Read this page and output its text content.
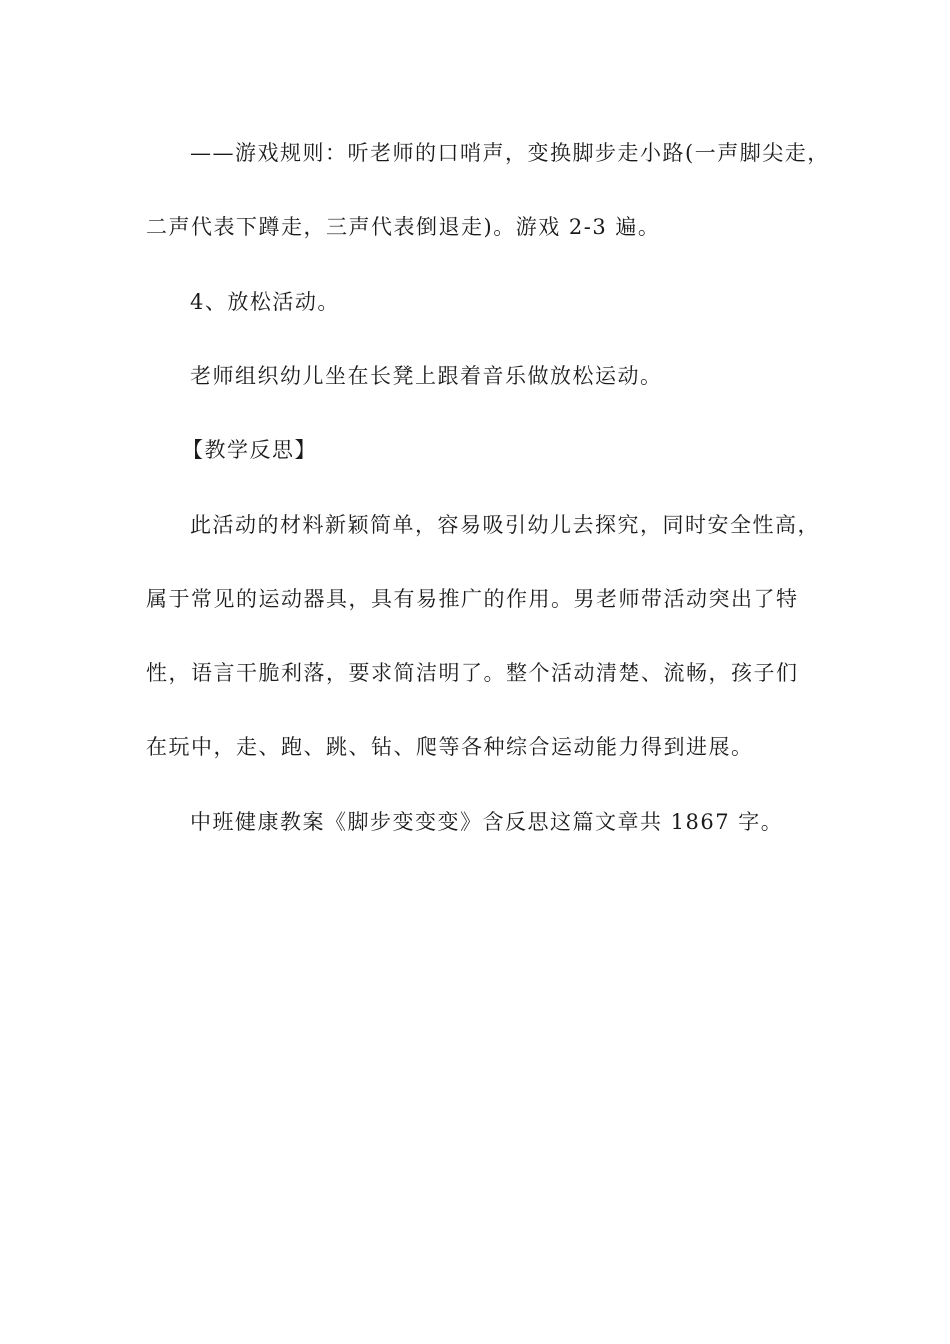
——游戏规则：听老师的口哨声，变换脚步走小路(一声脚尖走，
二声代表下蹲走，三声代表倒退走)。游戏 2-3 遍。
4、放松活动。
老师组织幼儿坐在长凳上跟着音乐做放松运动。
【教学反思】
此活动的材料新颖简单，容易吸引幼儿去探究，同时安全性高，
属于常见的运动器具，具有易推广的作用。男老师带活动突出了特
性，语言干脆利落，要求简洁明了。整个活动清楚、流畅，孩子们
在玩中，走、跑、跳、钻、爬等各种综合运动能力得到进展。
中班健康教案《脚步变变变》含反思这篇文章共 1867 字。
